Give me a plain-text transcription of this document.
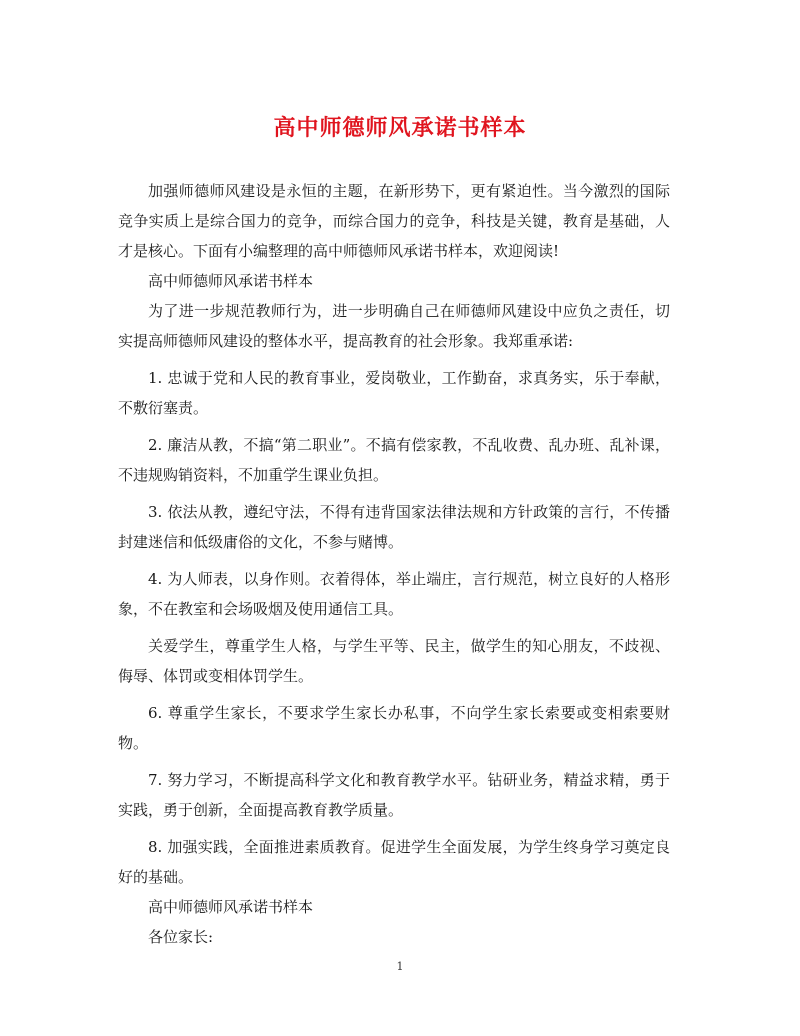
高中师德师风承诺书样本

加强师德师风建设是永恒的主题，在新形势下，更有紧迫性。当今激烈的国际竞争实质上是综合国力的竞争，而综合国力的竞争，科技是关键，教育是基础，人才是核心。下面有小编整理的高中师德师风承诺书样本，欢迎阅读!

高中师德师风承诺书样本

为了进一步规范教师行为，进一步明确自己在师德师风建设中应负之责任，切实提高师德师风建设的整体水平，提高教育的社会形象。我郑重承诺:

1. 忠诚于党和人民的教育事业，爱岗敬业，工作勤奋，求真务实，乐于奉献，不敷衍塞责。

2. 廉洁从教，不搞“第二职业”。不搞有偿家教，不乱收费、乱办班、乱补课，不违规购销资料，不加重学生课业负担。

3. 依法从教，遵纪守法，不得有违背国家法律法规和方针政策的言行，不传播封建迷信和低级庸俗的文化，不参与赌博。

4. 为人师表，以身作则。衣着得体，举止端庄，言行规范，树立良好的人格形象，不在教室和会场吸烟及使用通信工具。

关爱学生，尊重学生人格，与学生平等、民主，做学生的知心朋友，不歧视、侮辱、体罚或变相体罚学生。

6. 尊重学生家长，不要求学生家长办私事，不向学生家长索要或变相索要财物。

7. 努力学习，不断提高科学文化和教育教学水平。钻研业务，精益求精，勇于实践，勇于创新，全面提高教育教学质量。

8. 加强实践，全面推进素质教育。促进学生全面发展，为学生终身学习奠定良好的基础。

高中师德师风承诺书样本

各位家长:

1
